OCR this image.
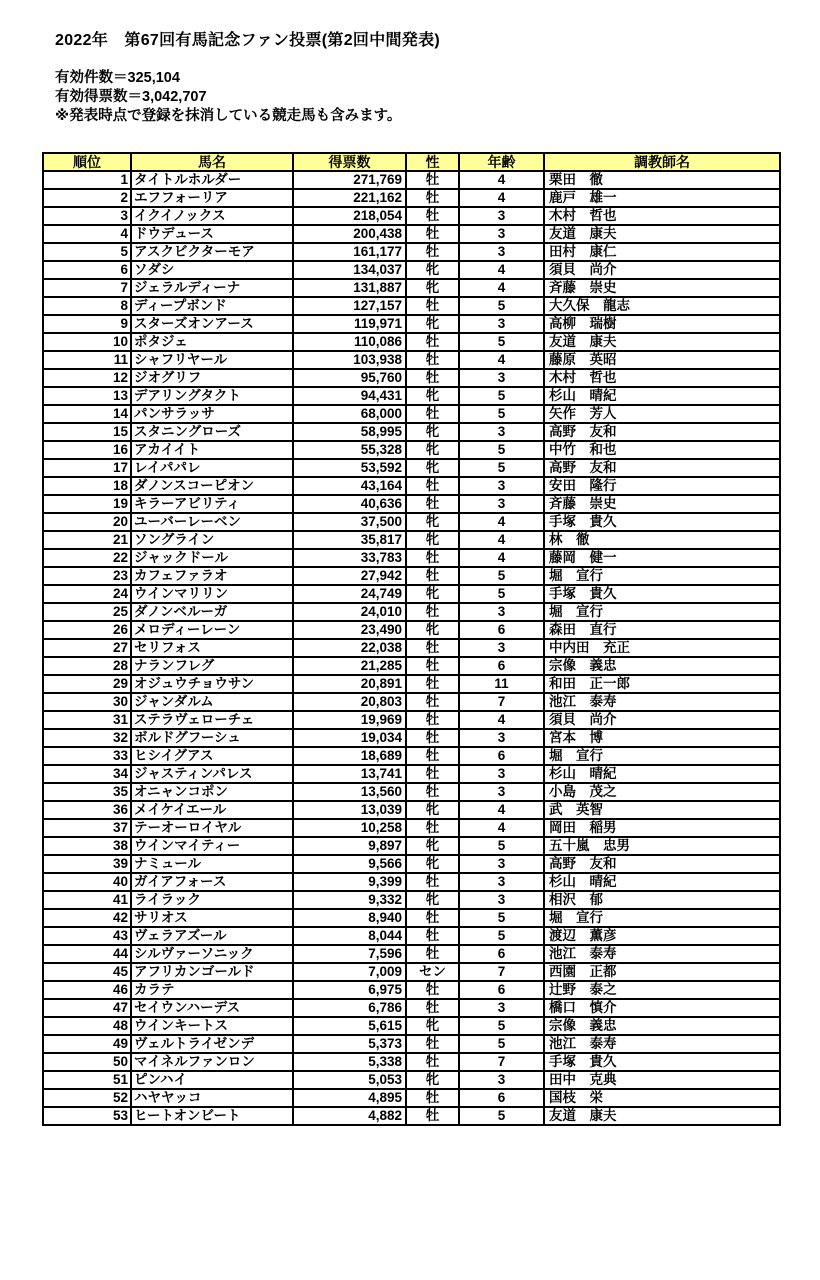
2022年　第67回有馬記念ファン投票(第2回中間発表)
有効件数＝325,104
有効得票数＝3,042,707
※発表時点で登録を抹消している競走馬も含みます。
順位	馬名	得票数	性	年齢	調教師名
1	タイトルホルダー	271,769	牡	4	栗田　徹
2	エフフォーリア	221,162	牡	4	鹿戸　雄一
3	イクイノックス	218,054	牡	3	木村　哲也
4	ドウデュース	200,438	牡	3	友道　康夫
5	アスクビクターモア	161,177	牡	3	田村　康仁
6	ソダシ	134,037	牝	4	須貝　尚介
7	ジェラルディーナ	131,887	牝	4	斉藤　崇史
8	ディープボンド	127,157	牡	5	大久保　龍志
9	スターズオンアース	119,971	牝	3	高柳　瑞樹
10	ポタジェ	110,086	牡	5	友道　康夫
11	シャフリヤール	103,938	牡	4	藤原　英昭
12	ジオグリフ	95,760	牡	3	木村　哲也
13	デアリングタクト	94,431	牝	5	杉山　晴紀
14	パンサラッサ	68,000	牡	5	矢作　芳人
15	スタニングローズ	58,995	牝	3	高野　友和
16	アカイイト	55,328	牝	5	中竹　和也
17	レイパパレ	53,592	牝	5	高野　友和
18	ダノンスコーピオン	43,164	牡	3	安田　隆行
19	キラーアビリティ	40,636	牡	3	斉藤　崇史
20	ユーバーレーベン	37,500	牝	4	手塚　貴久
21	ソングライン	35,817	牝	4	林　徹
22	ジャックドール	33,783	牡	4	藤岡　健一
23	カフェファラオ	27,942	牡	5	堀　宣行
24	ウインマリリン	24,749	牝	5	手塚　貴久
25	ダノンベルーガ	24,010	牡	3	堀　宣行
26	メロディーレーン	23,490	牝	6	森田　直行
27	セリフォス	22,038	牡	3	中内田　充正
28	ナランフレグ	21,285	牡	6	宗像　義忠
29	オジュウチョウサン	20,891	牡	11	和田　正一郎
30	ジャンダルム	20,803	牡	7	池江　泰寿
31	ステラヴェローチェ	19,969	牡	4	須貝　尚介
32	ボルドグフーシュ	19,034	牡	3	宮本　博
33	ヒシイグアス	18,689	牡	6	堀　宣行
34	ジャスティンパレス	13,741	牡	3	杉山　晴紀
35	オニャンコポン	13,560	牡	3	小島　茂之
36	メイケイエール	13,039	牝	4	武　英智
37	テーオーロイヤル	10,258	牡	4	岡田　稲男
38	ウインマイティー	9,897	牝	5	五十嵐　忠男
39	ナミュール	9,566	牝	3	高野　友和
40	ガイアフォース	9,399	牡	3	杉山　晴紀
41	ライラック	9,332	牝	3	相沢　郁
42	サリオス	8,940	牡	5	堀　宣行
43	ヴェラアズール	8,044	牡	5	渡辺　薫彦
44	シルヴァーソニック	7,596	牡	6	池江　泰寿
45	アフリカンゴールド	7,009	セン	7	西園　正都
46	カラテ	6,975	牡	6	辻野　泰之
47	セイウンハーデス	6,786	牡	3	橋口　慎介
48	ウインキートス	5,615	牝	5	宗像　義忠
49	ヴェルトライゼンデ	5,373	牡	5	池江　泰寿
50	マイネルファンロン	5,338	牡	7	手塚　貴久
51	ピンハイ	5,053	牝	3	田中　克典
52	ハヤヤッコ	4,895	牡	6	国枝　栄
53	ヒートオンビート	4,882	牡	5	友道　康夫
